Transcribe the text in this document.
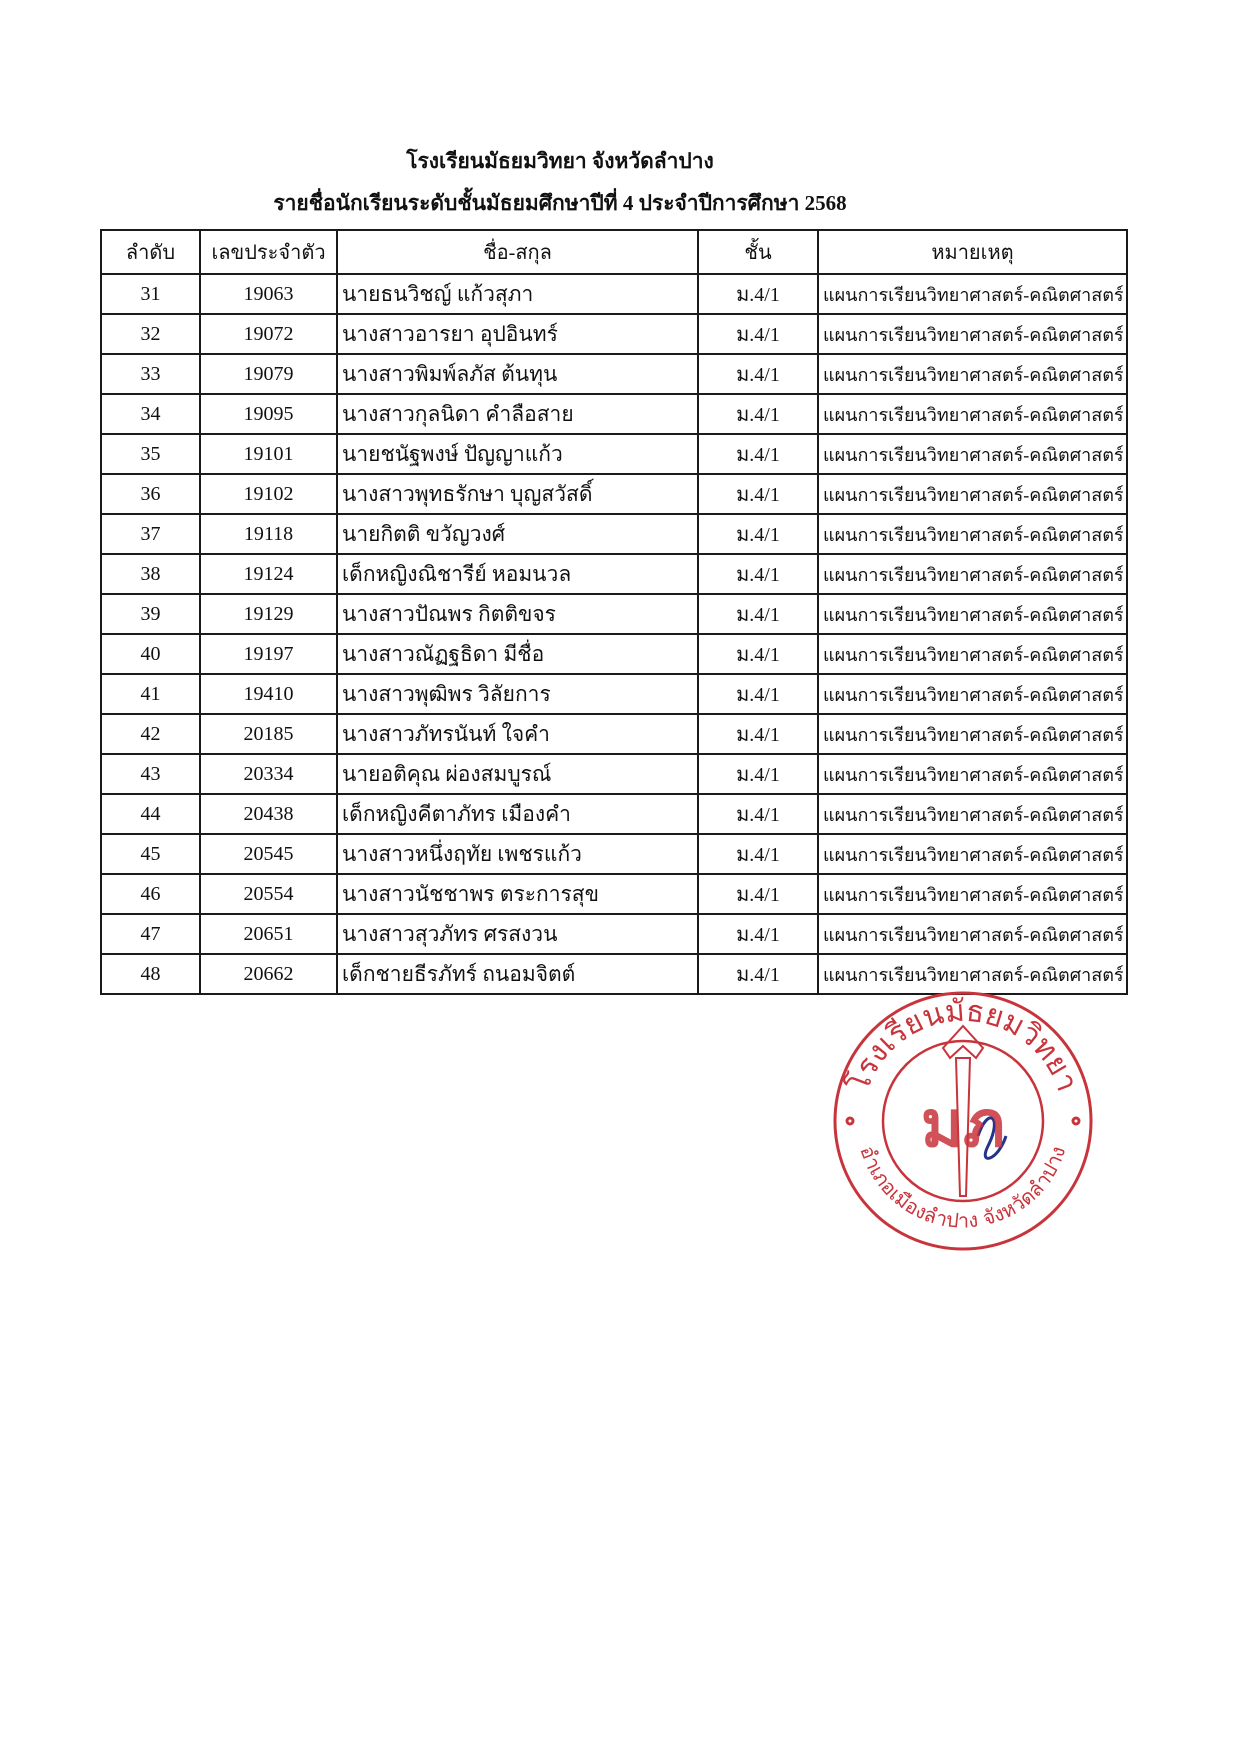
โรงเรียนมัธยมวิทยา จังหวัดลำปาง
รายชื่อนักเรียนระดับชั้นมัธยมศึกษาปีที่ 4 ประจำปีการศึกษา 2568
ลำดับ	เลขประจำตัว	ชื่อ-สกุล	ชั้น	หมายเหตุ
31	19063	นายธนวิชญ์ แก้วสุภา	ม.4/1	แผนการเรียนวิทยาศาสตร์-คณิตศาสตร์
32	19072	นางสาวอารยา อุปอินทร์	ม.4/1	แผนการเรียนวิทยาศาสตร์-คณิตศาสตร์
33	19079	นางสาวพิมพ์ลภัส ต้นทุน	ม.4/1	แผนการเรียนวิทยาศาสตร์-คณิตศาสตร์
34	19095	นางสาวกุลนิดา คำลือสาย	ม.4/1	แผนการเรียนวิทยาศาสตร์-คณิตศาสตร์
35	19101	นายชนัฐพงษ์ ปัญญาแก้ว	ม.4/1	แผนการเรียนวิทยาศาสตร์-คณิตศาสตร์
36	19102	นางสาวพุทธรักษา บุญสวัสดิ์	ม.4/1	แผนการเรียนวิทยาศาสตร์-คณิตศาสตร์
37	19118	นายกิตติ ขวัญวงศ์	ม.4/1	แผนการเรียนวิทยาศาสตร์-คณิตศาสตร์
38	19124	เด็กหญิงณิชารีย์ หอมนวล	ม.4/1	แผนการเรียนวิทยาศาสตร์-คณิตศาสตร์
39	19129	นางสาวปัณพร กิตติขจร	ม.4/1	แผนการเรียนวิทยาศาสตร์-คณิตศาสตร์
40	19197	นางสาวณัฏฐธิดา มีชื่อ	ม.4/1	แผนการเรียนวิทยาศาสตร์-คณิตศาสตร์
41	19410	นางสาวพุฒิพร วิลัยการ	ม.4/1	แผนการเรียนวิทยาศาสตร์-คณิตศาสตร์
42	20185	นางสาวภัทรนันท์ ใจคำ	ม.4/1	แผนการเรียนวิทยาศาสตร์-คณิตศาสตร์
43	20334	นายอติคุณ ผ่องสมบูรณ์	ม.4/1	แผนการเรียนวิทยาศาสตร์-คณิตศาสตร์
44	20438	เด็กหญิงคีตาภัทร เมืองคำ	ม.4/1	แผนการเรียนวิทยาศาสตร์-คณิตศาสตร์
45	20545	นางสาวหนึ่งฤทัย เพชรแก้ว	ม.4/1	แผนการเรียนวิทยาศาสตร์-คณิตศาสตร์
46	20554	นางสาวนัชชาพร ตระการสุข	ม.4/1	แผนการเรียนวิทยาศาสตร์-คณิตศาสตร์
47	20651	นางสาวสุวภัทร ศรสงวน	ม.4/1	แผนการเรียนวิทยาศาสตร์-คณิตศาสตร์
48	20662	เด็กชายธีรภัทร์ ถนอมจิตต์	ม.4/1	แผนการเรียนวิทยาศาสตร์-คณิตศาสตร์
มภ
โรงเรียนมัธยมวิทยา
อำเภอเมืองลำปาง จังหวัดลำปาง
